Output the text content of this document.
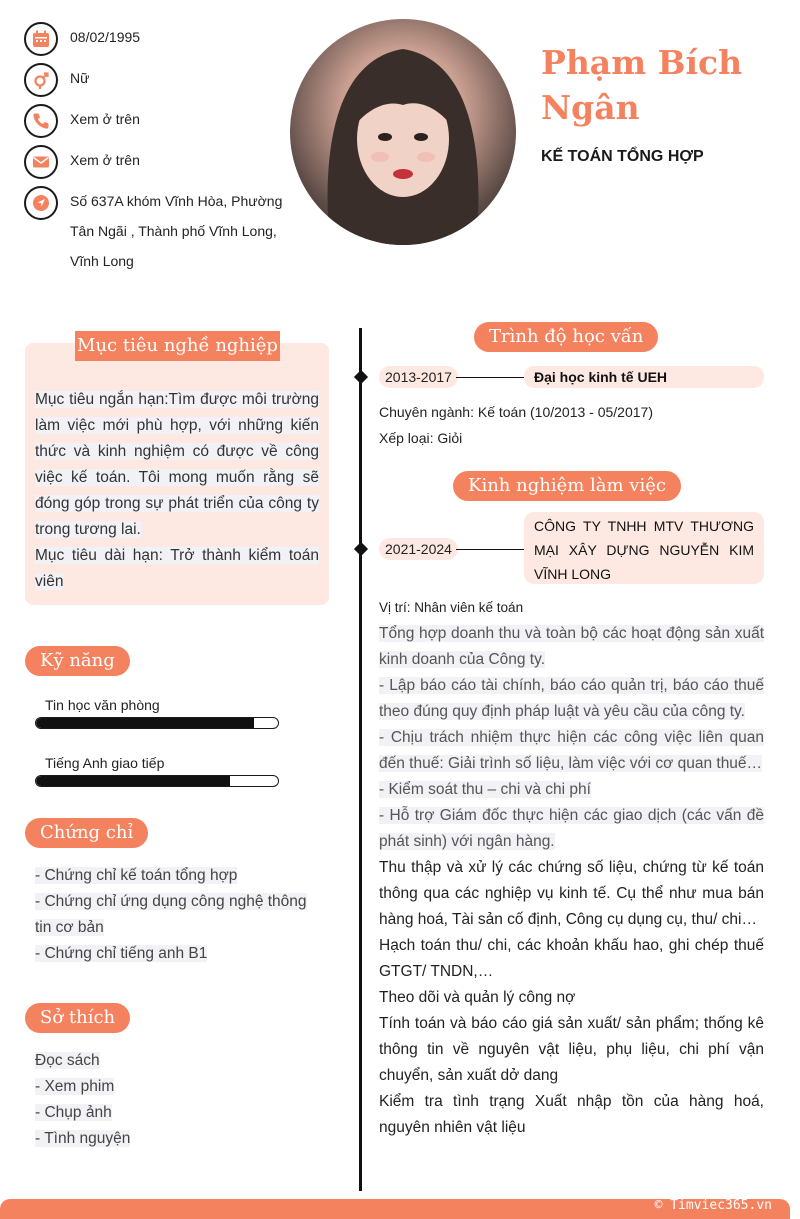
08/02/1995
Nữ
Xem ở trên
Xem ở trên
Số 637A khóm Vĩnh Hòa, Phường Tân Ngãi , Thành phố Vĩnh Long, Vĩnh Long
Phạm Bích Ngân
KẾ TOÁN TỔNG HỢP
Mục tiêu nghề nghiệp
Mục tiêu ngắn hạn:Tìm được môi trường làm việc mới phù hợp, với những kiến thức và kinh nghiệm có được về công việc kế toán. Tôi mong muốn rằng sẽ đóng góp trong sự phát triển của công ty trong tương lai.
Mục tiêu dài hạn: Trở thành kiểm toán viên
Kỹ năng
Tin học văn phòng
Tiếng Anh giao tiếp
Chứng chỉ
- Chứng chỉ kế toán tổng hợp
- Chứng chỉ ứng dụng công nghệ thông tin cơ bản
- Chứng chỉ tiếng anh B1
Sở thích
Đọc sách
- Xem phim
- Chụp ảnh
- Tình nguyện
Trình độ học vấn
2013-2017	Đại học kinh tế UEH
Chuyên ngành: Kế toán (10/2013 - 05/2017)
Xếp loại: Giỏi
Kinh nghiệm làm việc
2021-2024
CÔNG TY TNHH MTV THƯƠNG MẠI XÂY DỰNG NGUYỄN KIM VĨNH LONG
Vị trí: Nhân viên kế toán
Tổng hợp doanh thu và toàn bộ các hoạt động sản xuất kinh doanh của Công ty.
- Lập báo cáo tài chính, báo cáo quản trị, báo cáo thuế theo đúng quy định pháp luật và yêu cầu của công ty.
- Chịu trách nhiệm thực hiện các công việc liên quan đến thuế: Giải trình số liệu, làm việc với cơ quan thuế…
- Kiểm soát thu – chi và chi phí
- Hỗ trợ Giám đốc thực hiện các giao dịch (các vấn đề phát sinh) với ngân hàng.
Thu thập và xử lý các chứng số liệu, chứng từ kế toán thông qua các nghiệp vụ kinh tế. Cụ thể như mua bán hàng hoá, Tài sản cố định, Công cụ dụng cụ, thu/ chi…
Hạch toán thu/ chi, các khoản khấu hao, ghi chép thuế GTGT/ TNDN,…
Theo dõi và quản lý công nợ
Tính toán và báo cáo giá sản xuất/ sản phẩm; thống kê thông tin về nguyên vật liệu, phụ liệu, chi phí vận chuyển, sản xuất dở dang
Kiểm tra tình trạng Xuất nhập tồn của hàng hoá, nguyên nhiên vật liệu
© Timviec365.vn
